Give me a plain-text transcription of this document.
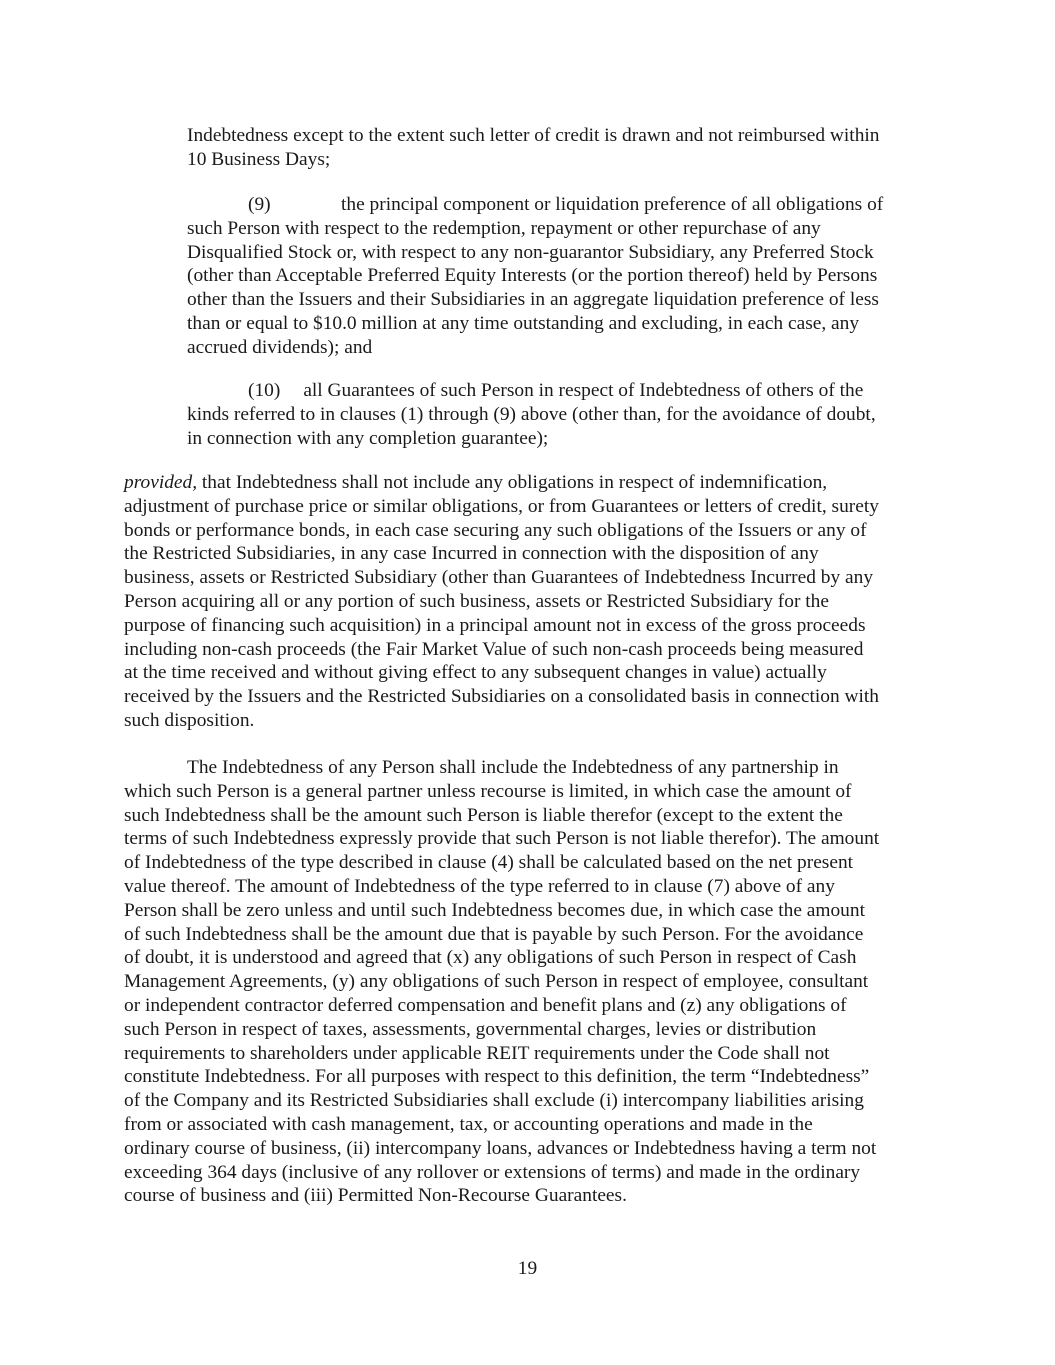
Indebtedness except to the extent such letter of credit is drawn and not reimbursed within
10 Business Days;
(9)	the principal component or liquidation preference of all obligations of
such Person with respect to the redemption, repayment or other repurchase of any
Disqualified Stock or, with respect to any non-guarantor Subsidiary, any Preferred Stock
(other than Acceptable Preferred Equity Interests (or the portion thereof) held by Persons
other than the Issuers and their Subsidiaries in an aggregate liquidation preference of less
than or equal to $10.0 million at any time outstanding and excluding, in each case, any
accrued dividends); and
(10) all Guarantees of such Person in respect of Indebtedness of others of the
kinds referred to in clauses (1) through (9) above (other than, for the avoidance of doubt,
in connection with any completion guarantee);
provided, that Indebtedness shall not include any obligations in respect of indemnification,
adjustment of purchase price or similar obligations, or from Guarantees or letters of credit, surety
bonds or performance bonds, in each case securing any such obligations of the Issuers or any of
the Restricted Subsidiaries, in any case Incurred in connection with the disposition of any
business, assets or Restricted Subsidiary (other than Guarantees of Indebtedness Incurred by any
Person acquiring all or any portion of such business, assets or Restricted Subsidiary for the
purpose of financing such acquisition) in a principal amount not in excess of the gross proceeds
including non-cash proceeds (the Fair Market Value of such non-cash proceeds being measured
at the time received and without giving effect to any subsequent changes in value) actually
received by the Issuers and the Restricted Subsidiaries on a consolidated basis in connection with
such disposition.
The Indebtedness of any Person shall include the Indebtedness of any partnership in
which such Person is a general partner unless recourse is limited, in which case the amount of
such Indebtedness shall be the amount such Person is liable therefor (except to the extent the
terms of such Indebtedness expressly provide that such Person is not liable therefor). The amount
of Indebtedness of the type described in clause (4) shall be calculated based on the net present
value thereof. The amount of Indebtedness of the type referred to in clause (7) above of any
Person shall be zero unless and until such Indebtedness becomes due, in which case the amount
of such Indebtedness shall be the amount due that is payable by such Person. For the avoidance
of doubt, it is understood and agreed that (x) any obligations of such Person in respect of Cash
Management Agreements, (y) any obligations of such Person in respect of employee, consultant
or independent contractor deferred compensation and benefit plans and (z) any obligations of
such Person in respect of taxes, assessments, governmental charges, levies or distribution
requirements to shareholders under applicable REIT requirements under the Code shall not
constitute Indebtedness. For all purposes with respect to this definition, the term “Indebtedness”
of the Company and its Restricted Subsidiaries shall exclude (i) intercompany liabilities arising
from or associated with cash management, tax, or accounting operations and made in the
ordinary course of business, (ii) intercompany loans, advances or Indebtedness having a term not
exceeding 364 days (inclusive of any rollover or extensions of terms) and made in the ordinary
course of business and (iii) Permitted Non-Recourse Guarantees.
19
